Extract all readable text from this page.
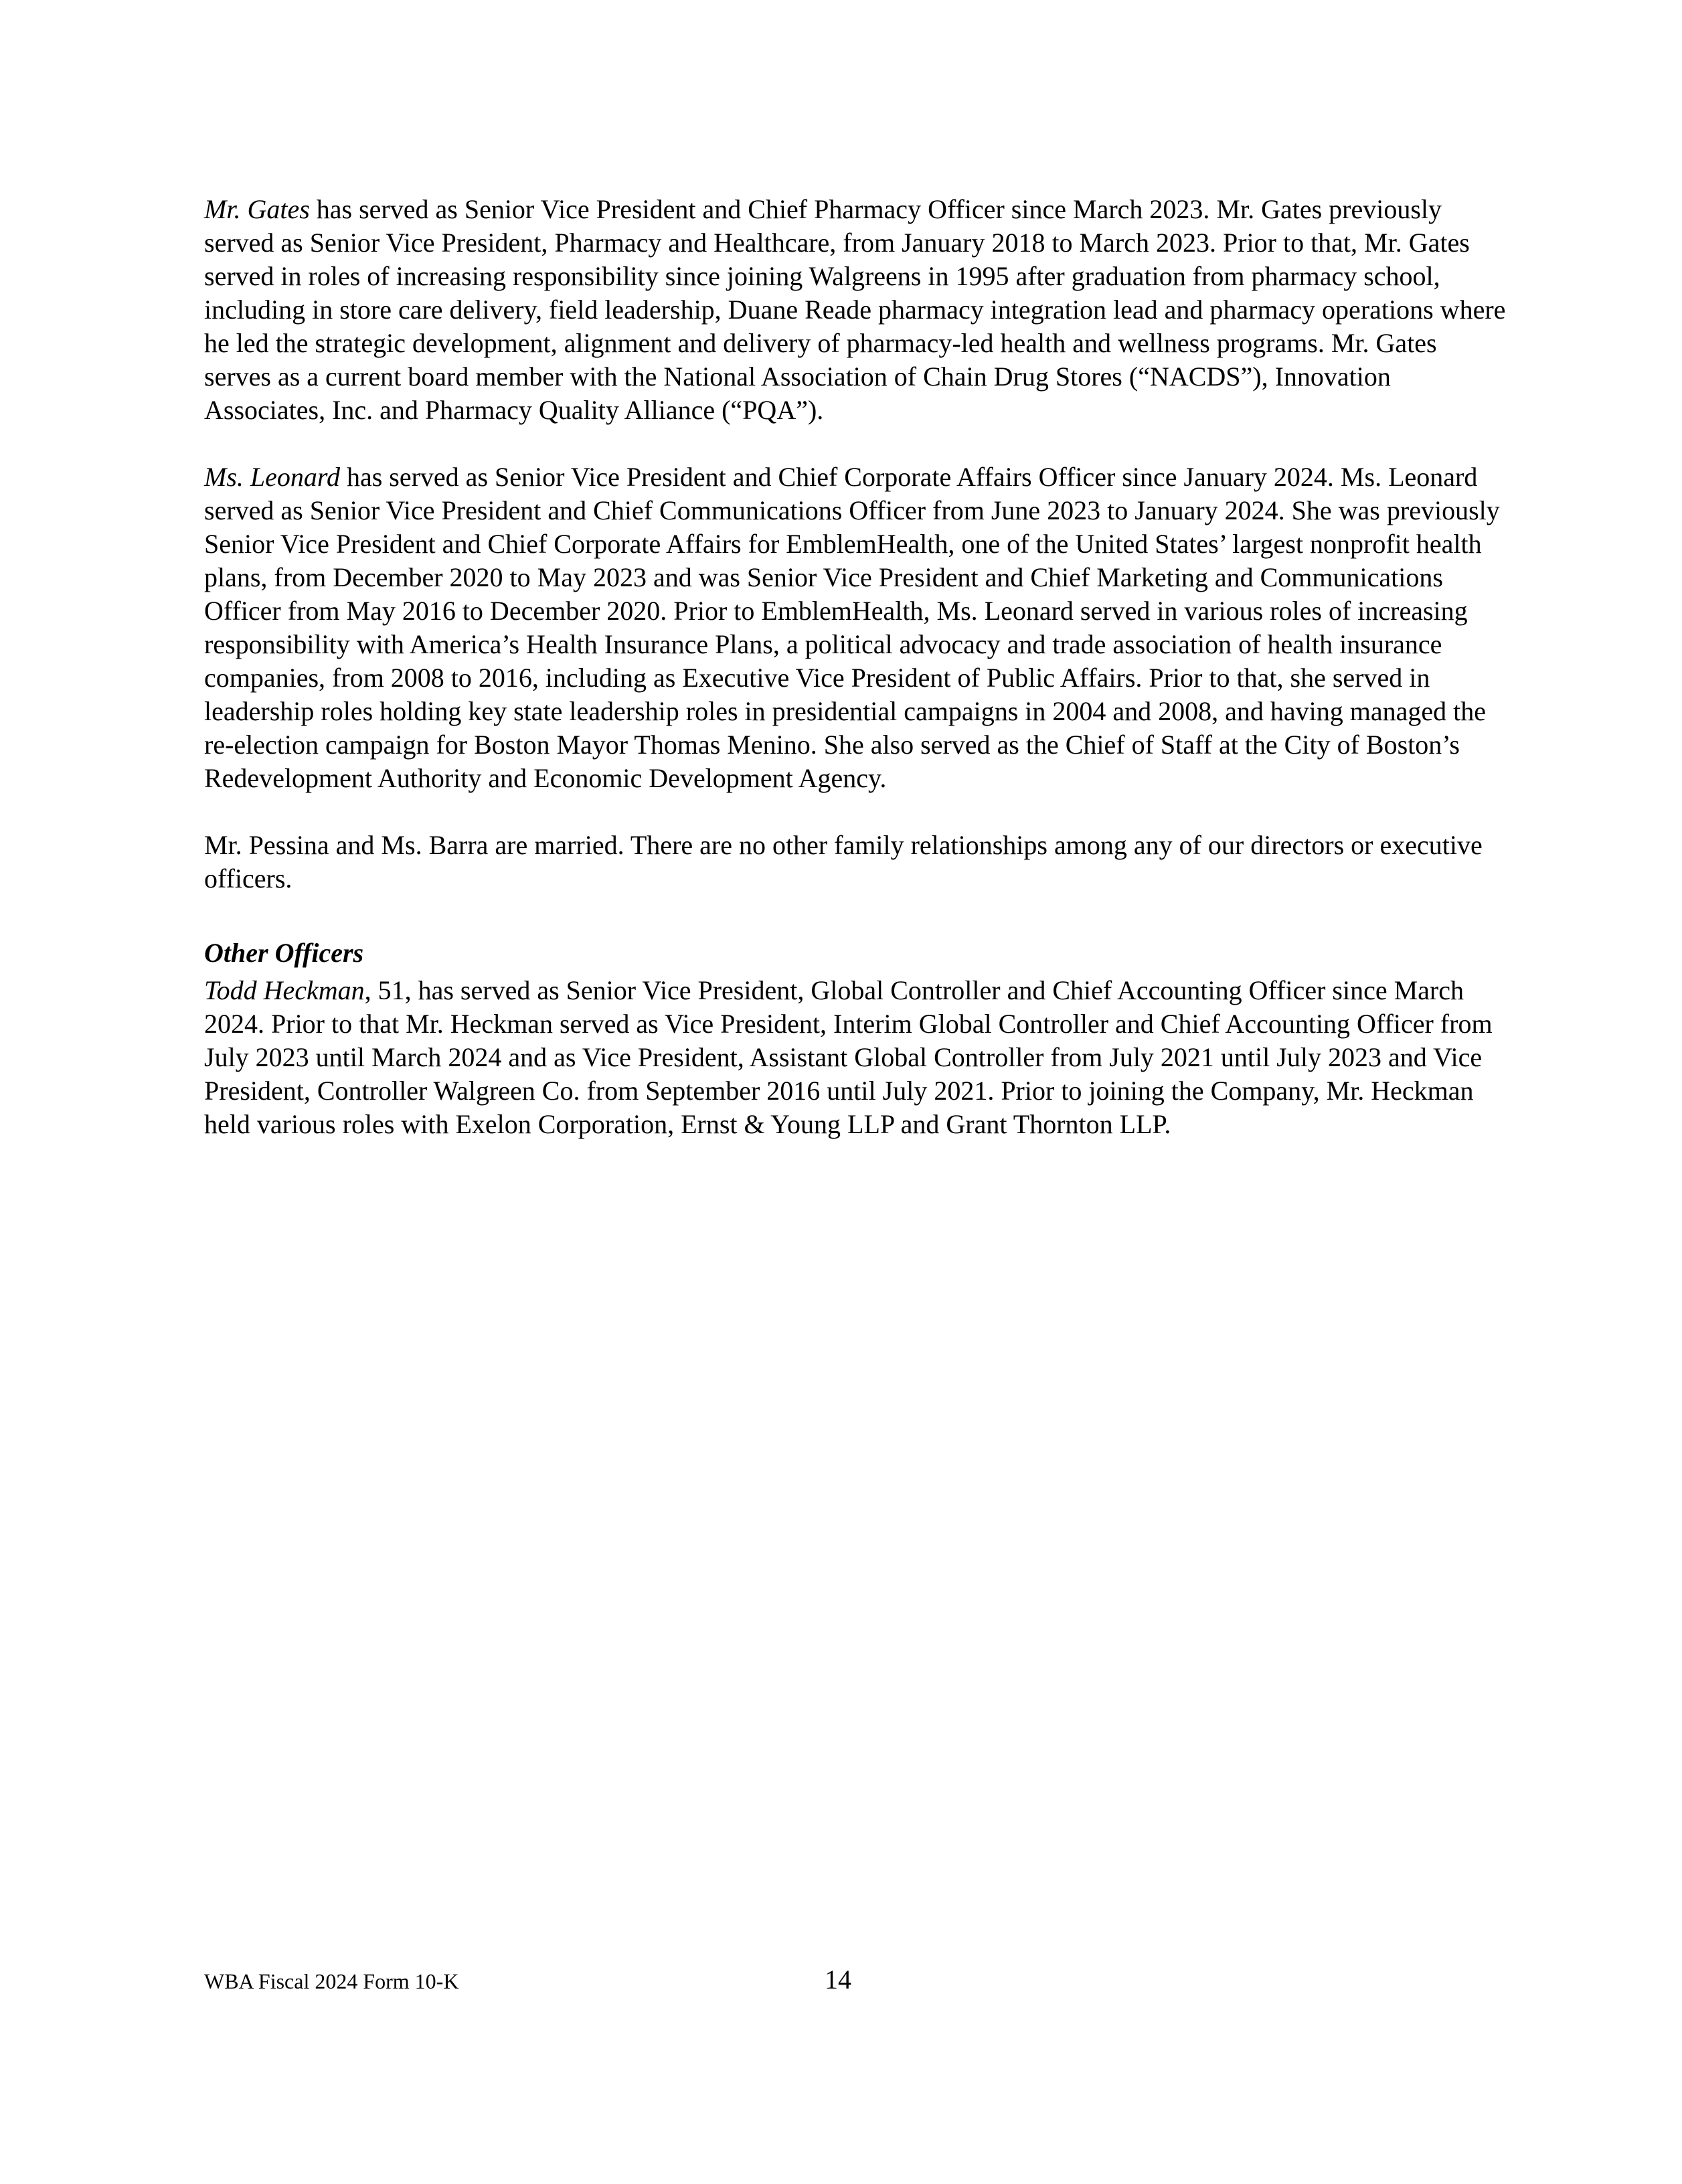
Mr. Gates has served as Senior Vice President and Chief Pharmacy Officer since March 2023. Mr. Gates previously served as Senior Vice President, Pharmacy and Healthcare, from January 2018 to March 2023. Prior to that, Mr. Gates served in roles of increasing responsibility since joining Walgreens in 1995 after graduation from pharmacy school, including in store care delivery, field leadership, Duane Reade pharmacy integration lead and pharmacy operations where he led the strategic development, alignment and delivery of pharmacy-led health and wellness programs. Mr. Gates serves as a current board member with the National Association of Chain Drug Stores (“NACDS”), Innovation Associates, Inc. and Pharmacy Quality Alliance (“PQA”).

Ms. Leonard has served as Senior Vice President and Chief Corporate Affairs Officer since January 2024. Ms. Leonard served as Senior Vice President and Chief Communications Officer from June 2023 to January 2024. She was previously Senior Vice President and Chief Corporate Affairs for EmblemHealth, one of the United States’ largest nonprofit health plans, from December 2020 to May 2023 and was Senior Vice President and Chief Marketing and Communications Officer from May 2016 to December 2020. Prior to EmblemHealth, Ms. Leonard served in various roles of increasing responsibility with America’s Health Insurance Plans, a political advocacy and trade association of health insurance companies, from 2008 to 2016, including as Executive Vice President of Public Affairs. Prior to that, she served in leadership roles holding key state leadership roles in presidential campaigns in 2004 and 2008, and having managed the re-election campaign for Boston Mayor Thomas Menino. She also served as the Chief of Staff at the City of Boston’s Redevelopment Authority and Economic Development Agency.

Mr. Pessina and Ms. Barra are married. There are no other family relationships among any of our directors or executive officers.

Other Officers

Todd Heckman, 51, has served as Senior Vice President, Global Controller and Chief Accounting Officer since March 2024. Prior to that Mr. Heckman served as Vice President, Interim Global Controller and Chief Accounting Officer from July 2023 until March 2024 and as Vice President, Assistant Global Controller from July 2021 until July 2023 and Vice President, Controller Walgreen Co. from September 2016 until July 2021. Prior to joining the Company, Mr. Heckman held various roles with Exelon Corporation, Ernst & Young LLP and Grant Thornton LLP.

WBA Fiscal 2024 Form 10-K	14
